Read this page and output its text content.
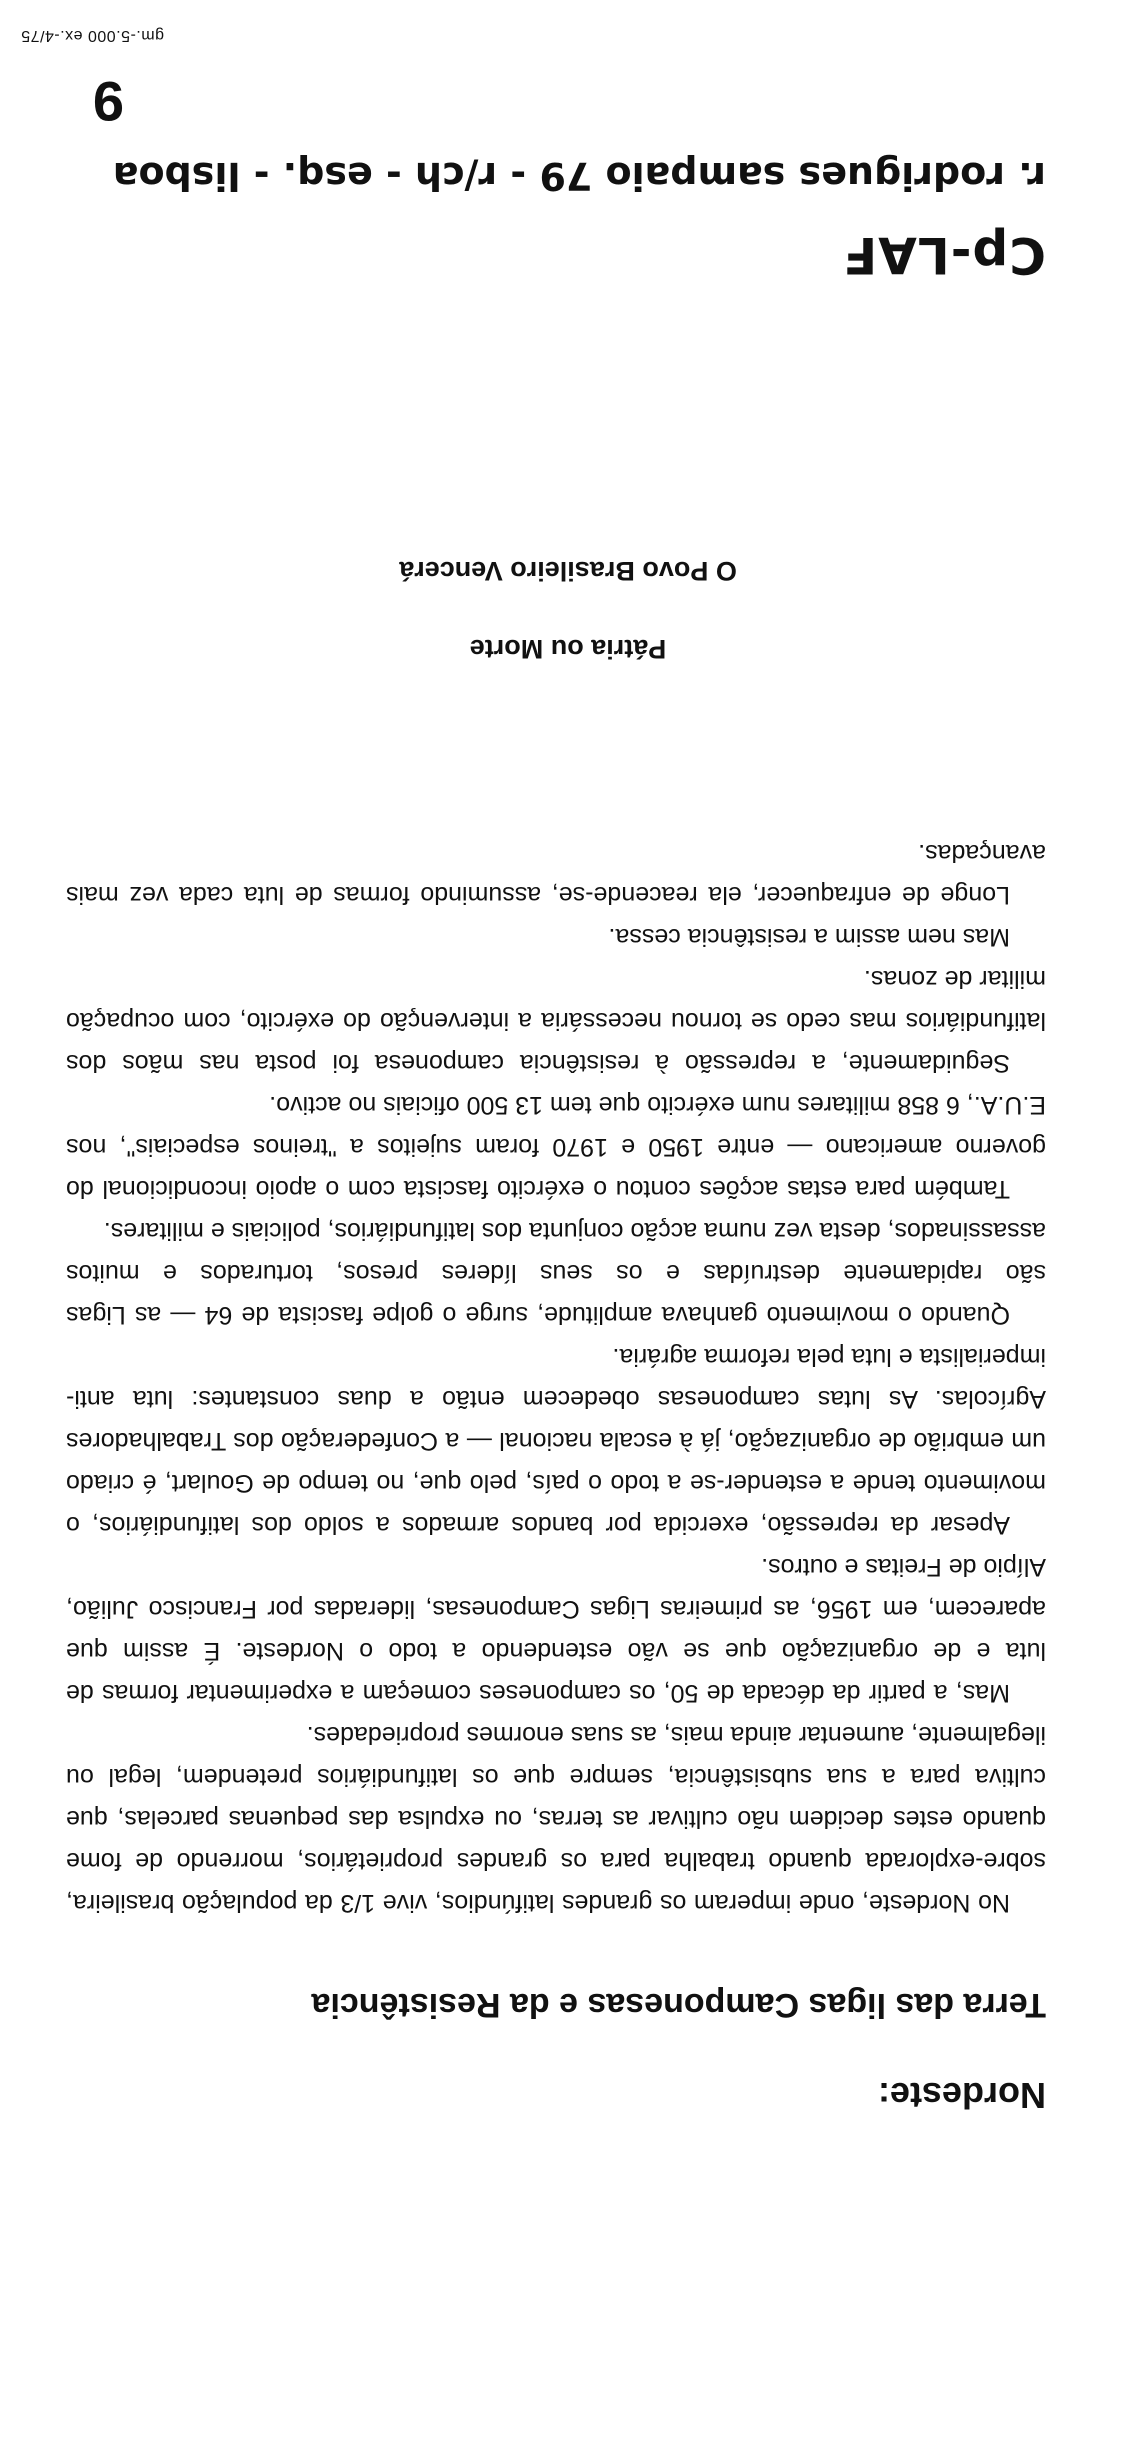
Nordeste:
Terra das ligas Camponesas e da Resistência

No Nordeste, onde imperam os grandes latifúndios, vive 1/3 da população brasileira, sobre-explorada quando trabalha para os grandes proprietários, morrendo de fome quando estes decidem não cultivar as terras, ou expulsa das pequenas parcelas, que cultiva para a sua subsistência, sempre que os latifundiários pretendem, legal ou ilegalmente, aumentar ainda mais, as suas enormes propriedades.

Mas, a partir da década de 50, os camponeses começam a experimentar formas de luta e de organização que se vão estendendo a todo o Nordeste. É assim que aparecem, em 1956, as primeiras Ligas Camponesas, lideradas por Francisco Julião, Alípio de Freitas e outros.

Apesar da repressão, exercida por bandos armados a soldo dos latifundiários, o movimento tende a estender-se a todo o país, pelo que, no tempo de Goulart, é criado um embrião de organização, já à escala nacional — a Confederação dos Trabalhadores Agrícolas. As lutas camponesas obedecem então a duas constantes: luta anti-imperialista e luta pela reforma agrária.

Quando o movimento ganhava amplitude, surge o golpe fascista de 64 — as Ligas são rapidamente destruídas e os seus líderes presos, torturados e muitos assassinados, desta vez numa acção conjunta dos latifundiários, policiais e militares.

Também para estas acções contou o exército fascista com o apoio incondicional do governo americano — entre 1950 e 1970 foram sujeitos a "treinos especiais", nos E.U.A., 6 858 militares num exército que tem 13 500 oficiais no activo.

Seguidamente, a repressão à resistência camponesa foi posta nas mãos dos latifundiários mas cedo se tornou necessária a intervenção do exército, com ocupação militar de zonas.

Mas nem assim a resistência cessa.

Longe de enfraquecer, ela reacende-se, assumindo formas de luta cada vez mais avançadas.

Pátria ou Morte
O Povo Brasileiro Vencerá
Cp-LAF
r. rodrigues sampaio 79 - r/ch - esq. - lisboa
9
gm.-5.000 ex.-4/75
